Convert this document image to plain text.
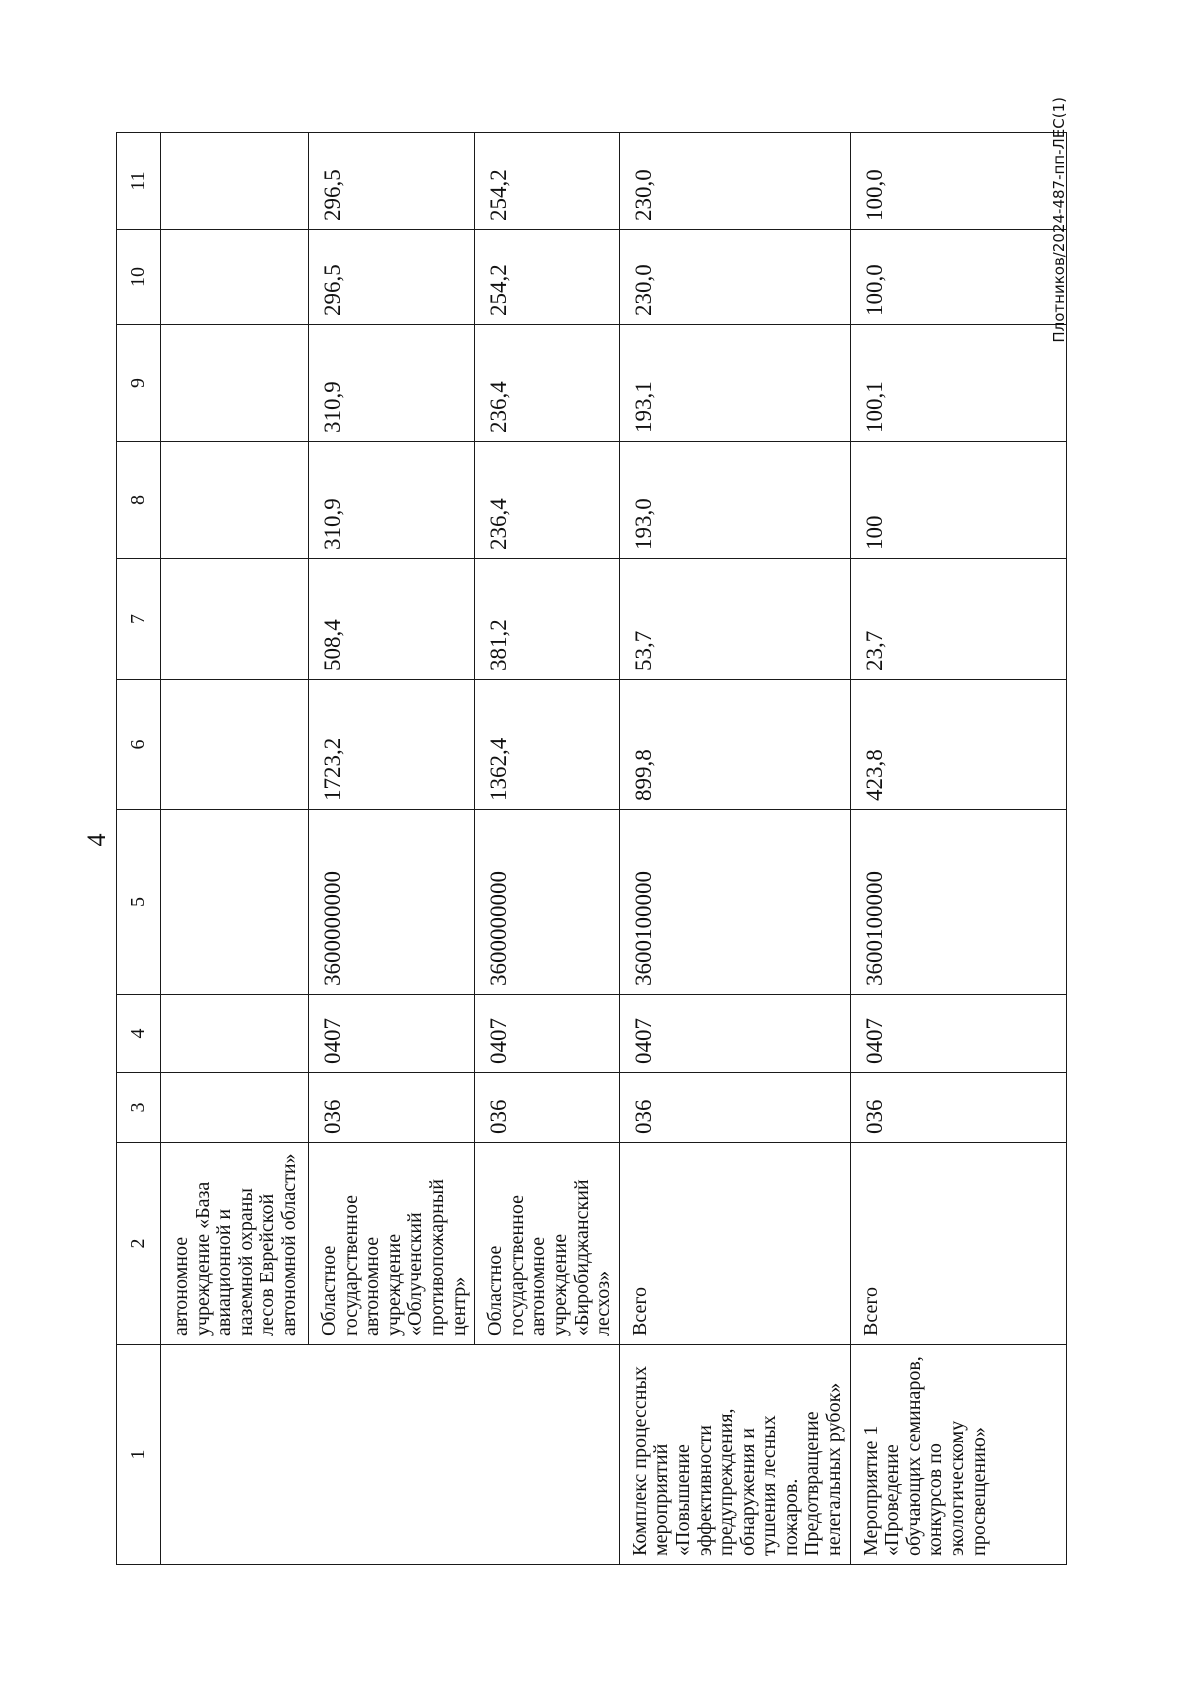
4
1	2	3	4	5	6	7	8	9	10	11
	автономное учреждение «База авиационной и наземной охраны лесов Еврейской автономной области»									
	Областное государственное автономное учреждение «Облученский противопожарный центр»	036	0407	3600000000	1723,2	508,4	310,9	310,9	296,5	296,5
	Областное государственное автономное учреждение «Биробиджанский лесхоз»	036	0407	3600000000	1362,4	381,2	236,4	236,4	254,2	254,2
Комплекс процессных мероприятий «Повышение эффективности предупреждения, обнаружения и тушения лесных пожаров. Предотвращение нелегальных рубок»	Всего	036	0407	3600100000	899,8	53,7	193,0	193,1	230,0	230,0
Мероприятие 1 «Проведение обучающих семинаров, конкурсов по экологическому просвещению»	Всего	036	0407	3600100000	423,8	23,7	100	100,1	100,0	100,0	Плотников/2024-487-пп-ЛЕС(1)
